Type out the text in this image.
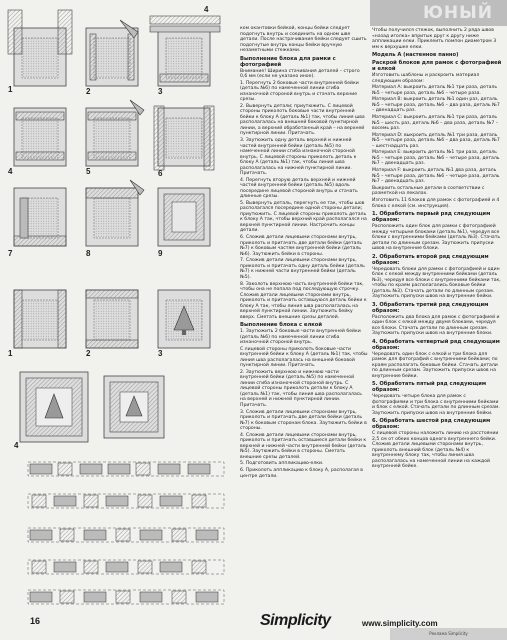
ЮНЫЙ
1	2	3
4
4	5	6
7	8	9
1	2	3
4

ком окантовки бейкой, концы бейки следует подогнуть внутрь и соединить на одном шве детали. После настрачивания бейки следует сшить подогнутые внутрь концы бейки вручную незаметными стежками.

Выполнение блока для рамки с фотографией

Внимание! Ширина стачивания деталей – строго 0,6 мм (если не указано иное).

1. Перегнуть 2 боковые части внутренней бейки (деталь №6) по намеченной линии сгиба изнаночной стороной внутрь и стачать верхние срезы.

2. Вывернуть детали; приутюжить. С лицевой стороны приколоть боковые части внутренней бейки к блоку А (деталь №1) так, чтобы линия шва располагалась на внешней боковой пунктирной линии, а верхний обработанный край – на верхней пунктирной линии. Притачать.

3. Заутюжить одну деталь верхней и нижней частей внутренней бейки (деталь №5) по намеченной линии сгиба изнаночной стороной внутрь. С лицевой стороны приколоть деталь к блоку А (деталь №1) так, чтобы линия шва располагалась на нижней пунктирной линии. Притачать.

4. Перегнуть вторую деталь верхней и нижней частей внутренней бейки (деталь №5) вдоль посередине лицевой стороной внутрь и стачать длинные срезы.

5. Вывернуть деталь, перегнуть ее так, чтобы шов располагался посередине одной стороны детали; приутюжить. С лицевой стороны приколоть деталь к блоку А так, чтобы верхний край располагался на верхней пунктирной линии. Настрочить концы детали.

6. Сложив детали лицевыми сторонами внутрь, приколоть и притачать две детали бейки (деталь №7) к боковым частям внутренней бейки (деталь №6). Заутюжить бейки в стороны.

7. Сложив детали лицевыми сторонами внутрь, приколоть и притачать одну деталь бейки (деталь №7) к нижней части внутренней бейки (деталь №5).

8. Заколоть верхнюю часть внутренней бейки так, чтобы она не попала под последующую строчку. Сложив детали лицевыми сторонами внутрь, приколоть и притачать оставшуюся деталь бейки к блоку А так, чтобы линия шва располагалась на верхней пунктирной линии. Заутюжить бейку вверх. Сметать внешние срезы деталей.

Выполнение блока с елкой

1. Заутюжить 2 боковые части внутренней бейки (деталь №6) по намеченной линии сгиба изнаночной стороной внутрь.

С лицевой стороны приколоть боковые части внутренней бейки к блоку А (деталь №1) так, чтобы линия шва располагалась на внешней боковой пунктирной линии. Притачать.

2. Заутюжить верхнюю и нижнюю части внутренней бейки (деталь №5) по намеченной линии сгиба изнаночной стороной внутрь. С лицевой стороны приколоть детали к блоку А (деталь №1) так, чтобы линия шва располагалась на верхней и нижней пунктирной линии. Притачать.

3. Сложив детали лицевыми сторонами внутрь, приколоть и притачать две детали бейки (деталь №7) к боковым сторонам блока. Заутюжить бейки в стороны.

4. Сложив детали лицевыми сторонами внутрь, приколоть и притачать оставшиеся детали бейки к верхней и нижней части внутренней бейки (деталь №5). Заутюжить бейки в стороны. Сметать внешние срезы деталей.

5. Подготовить аппликацию-елки.

6. Приколоть аппликацию к блоку А, располагая в центре детали.

Чтобы получился стежок, выполнить 2 ряда швов «назад иголка» впритык друг к другу ниже аппликации елки. Приклеить помпон диаметром 3 мм к верхушке елки.

Модель А (настенное панно)
Раскрой блоков для рамок с фотографией и елкой

Изготовить шаблоны и раскроить материал следующим образом:

Материал А: выкроить деталь №1 три раза, деталь №5 – четыре раза, деталь №6 – четыре раза.

Материал В: выкроить деталь №1 один раз, деталь №5 – четыре раза, деталь №6 – два раза, деталь №7 – двенадцать раз.

Материал С: выкроить деталь №1 три раза, деталь №5 – шесть раз, деталь №6 – два раза, деталь №7 – восемь раз.

Материал D: выкроить деталь №1 три раза, деталь №5 – четыре раза, деталь №6 – два раза, деталь №7 – шестнадцать раз.

Материал Е: выкроить деталь №1 три раза, деталь №5 – четыре раза, деталь №6 – четыре раза, деталь №7 – двенадцать раз.

Материал F: выкроить деталь №1 два раза, деталь №5 – четыре раза, деталь №6 – четыре раза, деталь №7 – двенадцать раз.

Выкроить остальные детали в соответствии с разметкой на лекалах.

Изготовить 11 блоков для рамок с фотографией и 4 блока с елкой (см. инструкция).

1. Обработать первый ряд следующим образом:

Расположить один блок для рамки с фотографией между четырьмя блоками (деталь №1), чередуя все блоки с внутренними бейками (деталь №3). Стачать детали по длинным срезам. Заутюжить припуски швов на внутренние блоки.

2. Обработать второй ряд следующим образом:

Чередовать блоки для рамки с фотографией и один блок с елкой между внутренними бейками (деталь №3), чередуя все блоки с внутренними бейками так, чтобы по краям располагались боковые бейки (деталь №3). Стачать детали по длинным срезам. Заутюжить припуски швов на внутренние бейки.

3. Обработать третий ряд следующим образом:

Расположить два блока для рамок с фотографией и один блок с елкой между двумя блоками, чередуя все блоки. Стачать детали по длинным срезам. Заутюжить припуски швов на внутренние блоки.

4. Обработать четвертый ряд следующим образом:

Чередовать один блок с елкой и три блока для рамок для фотографий с внутренними бейками; по краям располагать боковые бейки. Стачать детали по длинным срезам. Заутюжить припуски швов на внутренние бейки.

5. Обработать пятый ряд следующим образом:

Чередовать четыре блока для рамок с фотографиями и три блока с внутренними бейками и блок с елкой. Стачать детали по длинным срезам. Заутюжить припуски швов на внутренние бейки.

6. Обработать шестой ряд следующим образом:

С лицевой стороны наложить линию на расстоянии 2,5 см от обеих концов одного внутреннего бейки. Сложив детали лицевыми сторонами внутрь, приколоть внешний блок (деталь №4) к внутреннему блоку так, чтобы линия шва располагалась на намеченной линии на каждой внутренней бейке.

16	Simplicity	www.simplicity.com
Реклама Simplicity
